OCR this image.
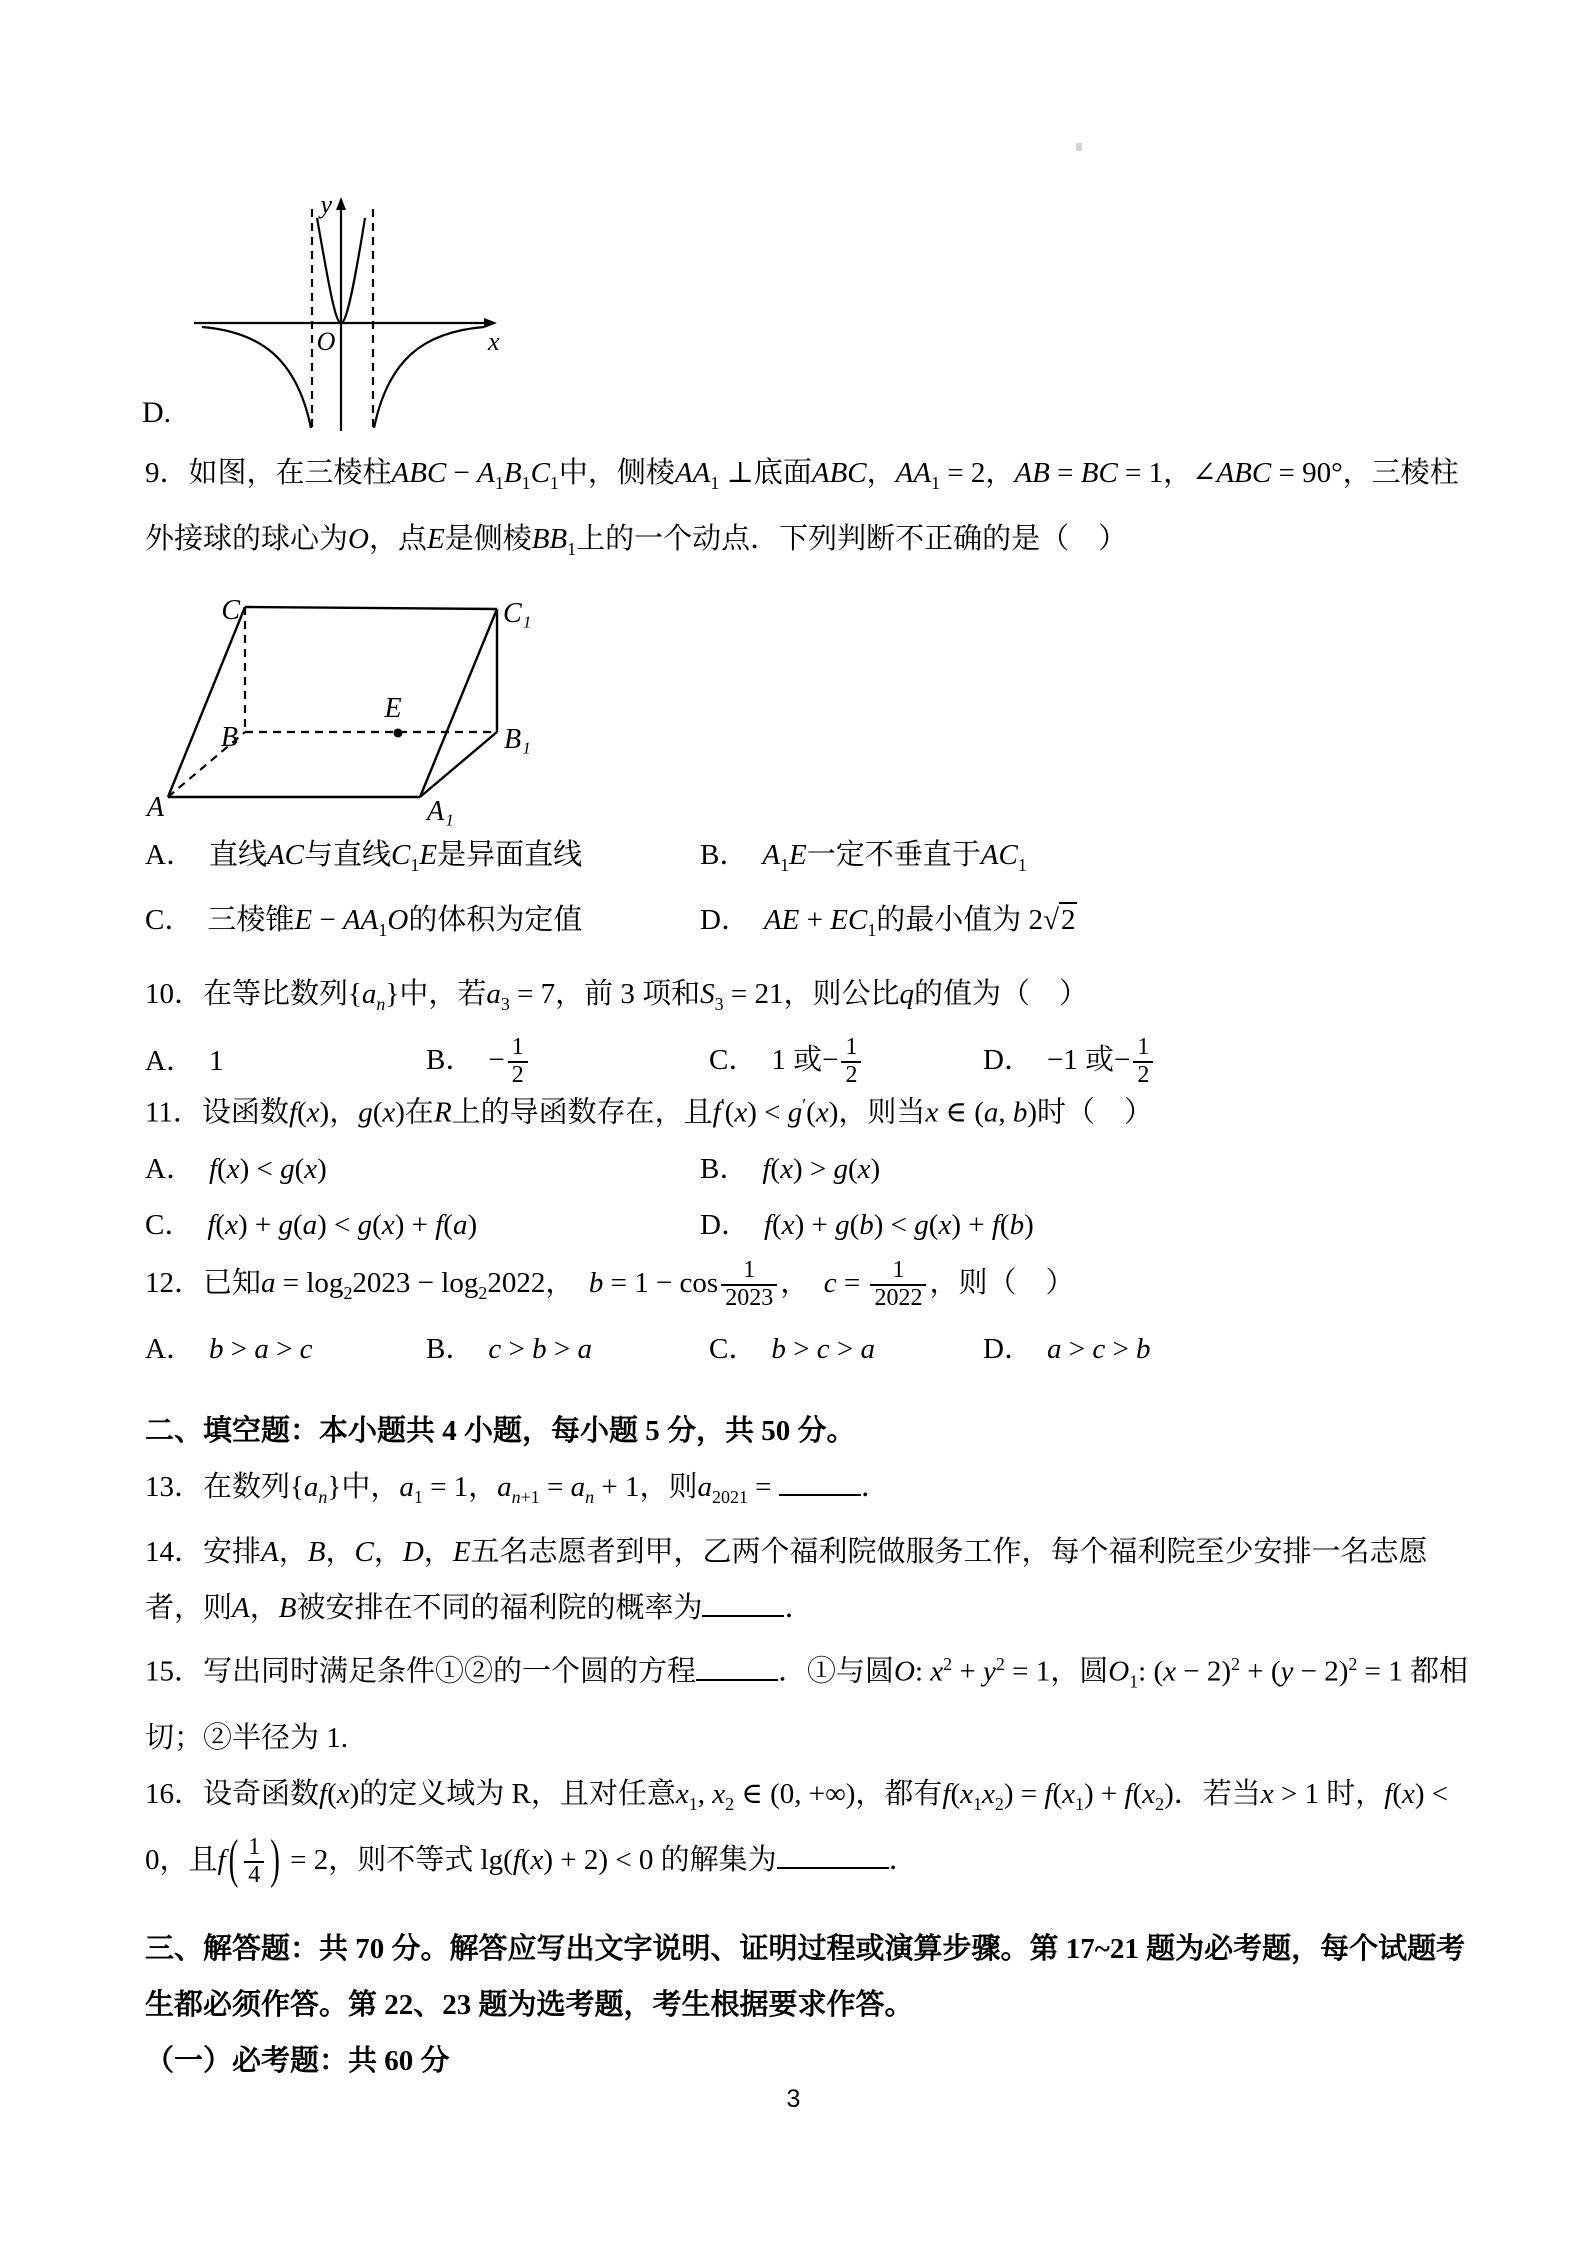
y
O	x
D.

9．如图，在三棱柱ABC − $A_1B_1C_1$中，侧棱$AA_1$ ⊥底面ABC，$AA_1 = 2$，AB = BC = 1，∠ABC = 90°，三棱柱外接球的球心为O，点E是侧棱$BB_1$上的一个动点．下列判断不正确的是（　）

C	C₁
B	B₁
A	A₁
E
A． 直线AC与直线$C_1E$是异面直线	B． $A_1E$一定不垂直于$AC_1$
C． 三棱锥$E - AA_1O$的体积为定值	D． AE + $EC_1$的最小值为 2√2

10．在等比数列$\{a_n\}$中，若$a_3 = 7$，前 3 项和$S_3 = 21$，则公比q的值为（　）

A． 1	B． − $\frac{1}{2}$	C． 1 或− $\frac{1}{2}$	D． −1 或− $\frac{1}{2}$

11．设函数f(x)，g(x)在R上的导函数存在，且f′(x) < g′(x)，则当x ∈ (a, b)时（　）

A． f(x) < g(x)	B． f(x) > g(x)
C． f(x) + g(a) < g(x) + f(a)	D． f(x) + g(b) < g(x) + f(b)

12．已知$a = \log_22023 - \log_22022$，　$b = 1 - \cos \frac{1}{2023}$ ，　$c = \frac{1}{2022}$ ，则（　）

A． b > a > c	B． c > b > a	C． b > c > a	D． a > c > b

二、填空题：本小题共 4 小题，每小题 5 分，共 50 分。

13．在数列$\{a_n\}$中，$a_1 = 1$，$a_{n+1} = a_n + 1$，则$a_{2021}$ =	．

14．安排A，B，C，D，E五名志愿者到甲，乙两个福利院做服务工作，每个福利院至少安排一名志愿者，则A，B被安排在不同的福利院的概率为	．

15．写出同时满足条件①②的一个圆的方程	．①与圆O: $x^2 + y^2 = 1$，圆$O_1$: $(x - 2)^2 + (y - 2)^2 = 1$ 都相切；②半径为 1.

16．设奇函数f(x)的定义域为 R，且对任意$x_1$, $x_2$ ∈ (0, +∞)，都有$f(x_1x_2) = f(x_1) + f(x_2)$．若当x > 1 时，f(x) < 0，且f ( $\frac{1}{4}$ ) = 2，则不等式 lg(f(x) + 2) < 0 的解集为	．

三、解答题：共 70 分。解答应写出文字说明、证明过程或演算步骤。第 17~21 题为必考题，每个试题考生都必须作答。第 22、23 题为选考题，考生根据要求作答。

（一）必考题：共 60 分

3
